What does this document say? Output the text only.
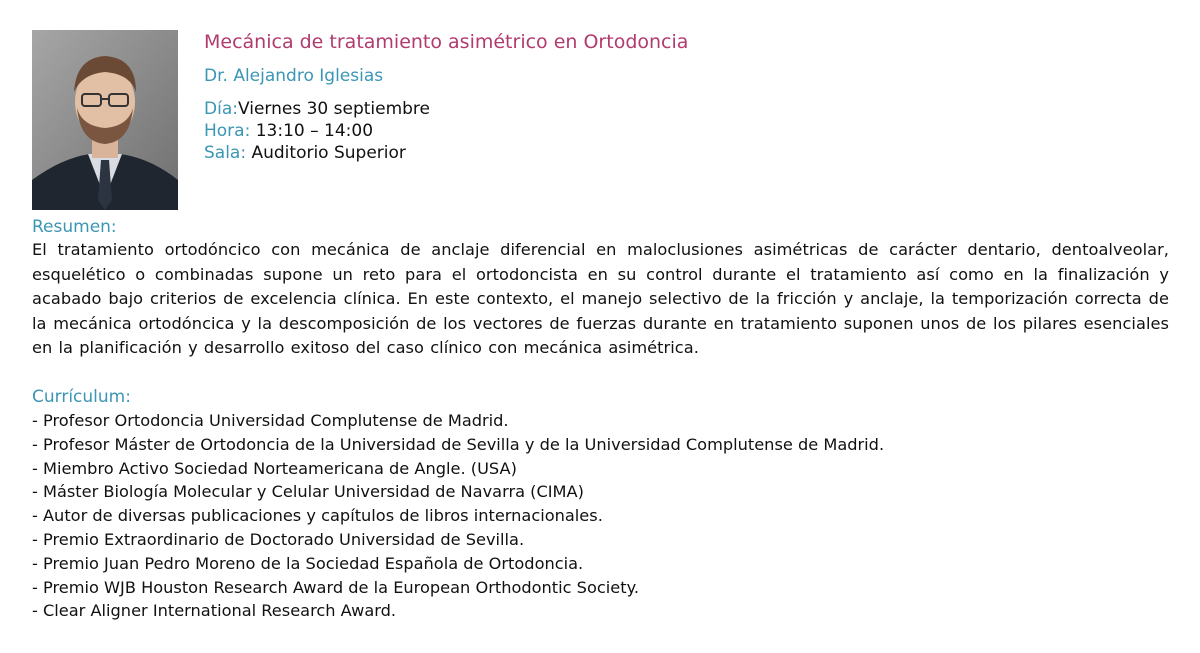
Mecánica de tratamiento asimétrico en Ortodoncia
Dr. Alejandro Iglesias
Día:Viernes 30 septiembre
Hora: 13:10 – 14:00
Sala: Auditorio Superior
Resumen:

El tratamiento ortodóncico con mecánica de anclaje diferencial en maloclusiones asimétricas de carácter dentario, dentoalveolar, esquelético o combinadas supone un reto para el ortodoncista en su control durante el tratamiento así como en la finalización y acabado bajo criterios de excelencia clínica. En este contexto, el manejo selectivo de la fricción y anclaje, la temporización correcta de la mecánica ortodóncica y la descomposición de los vectores de fuerzas durante en tratamiento suponen unos de los pilares esenciales en la planificación y desarrollo exitoso del caso clínico con mecánica asimétrica.

Currículum:
- Profesor Ortodoncia Universidad Complutense de Madrid.
- Profesor Máster de Ortodoncia de la Universidad de Sevilla y de la Universidad Complutense de Madrid.
- Miembro Activo Sociedad Norteamericana de Angle. (USA)
- Máster Biología Molecular y Celular Universidad de Navarra (CIMA)
- Autor de diversas publicaciones y capítulos de libros internacionales.
- Premio Extraordinario de Doctorado Universidad de Sevilla.
- Premio Juan Pedro Moreno de la Sociedad Española de Ortodoncia.
- Premio WJB Houston Research Award de la European Orthodontic Society.
- Clear Aligner International Research Award.
